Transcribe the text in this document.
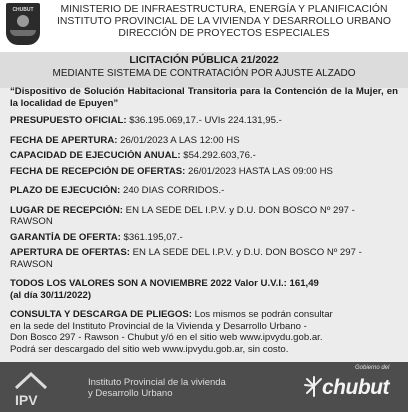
CHUBUT	MINISTERIO DE INFRAESTRUCTURA, ENERGÍA Y PLANIFICACIÓN
INSTITUTO PROVINCIAL DE LA VIVIENDA Y DESARROLLO URBANO
DIRECCIÓN DE PROYECTOS ESPECIALES
LICITACIÓN PÚBLICA 21/2022
MEDIANTE SISTEMA DE CONTRATACIÓN POR AJUSTE ALZADO
“Dispositivo de Solución Habitacional Transitoria para la Contención de la Mujer, en la localidad de Epuyen”
PRESUPUESTO OFICIAL: $36.195.069,17.- UVIs 224.131,95.-
FECHA DE APERTURA: 26/01/2023 A LAS 12:00 HS
CAPACIDAD DE EJECUCIÓN ANUAL: $54.292.603,76.-
FECHA DE RECEPCIÓN DE OFERTAS: 26/01/2023 HASTA LAS 09:00 HS
PLAZO DE EJECUCIÓN: 240 DIAS CORRIDOS.-
LUGAR DE RECEPCIÓN: EN LA SEDE DEL I.P.V. y D.U. DON BOSCO Nº 297 -
RAWSON
GARANTÍA DE OFERTA: $361.195,07.-
APERTURA DE OFERTAS: EN LA SEDE DEL I.P.V. y D.U. DON BOSCO Nº 297 -
RAWSON
TODOS LOS VALORES SON A NOVIEMBRE 2022 Valor U.V.I.: 161,49
(al día 30/11/2022)
CONSULTA Y DESCARGA DE PLIEGOS: Los mismos se podrán consultar
en la sede del Instituto Provincial de la Vivienda y Desarrollo Urbano -
Don Bosco 297 - Rawson - Chubut y/ó en el sitio web www.ipvydu.gob.ar.
Podrá ser descargado del sitio web www.ipvydu.gob.ar, sin costo.
IPV
Instituto Provincial de la vivienda
y Desarrollo Urbano
Gobierno del
chubut
